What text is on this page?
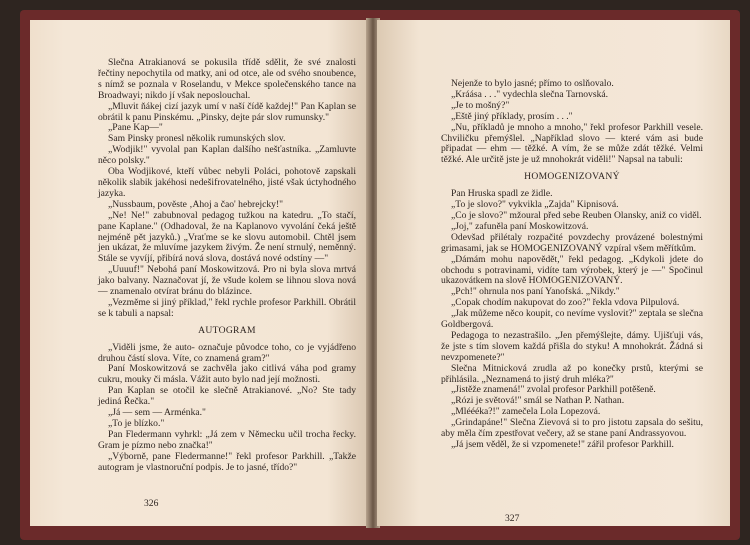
Slečna Atrakianová se pokusila třídě sdělit, že své znalosti řečtiny nepochytila od matky, ani od otce, ale od svého snoubence, s nímž se poznala v Roselandu, v Mekce společenského tance na Broadwayi; nikdo jí však neposlouchal.

„Mluvit ňákej cizí jazyk umí v naší čídě každej!" Pan Kaplan se obrátil k panu Pinskému. „Pinsky, dejte pár slov rumunsky."

„Pane Kap—"

Sam Pinsky pronesl několik rumunských slov.

„Wodjik!" vyvolal pan Kaplan dalšího nešťastníka. „Zamluvte něco polsky."

Oba Wodjikové, kteří vůbec nebyli Poláci, pohotově zapskali několik slabik jakéhosi nedešifrovatelného, jisté však úctyhodného jazyka.

„Nussbaum, povĕste ‚Ahoj a čao' hebrejcky!"

„Ne! Ne!" zabubnoval pedagog tužkou na katedru. „To stačí, pane Kaplane." (Odhadoval, že na Kaplanovo vyvolání čeká ještě nejméně pět jazyků.) „Vraťme se ke slovu automobil. Chtěl jsem jen ukázat, že mluvíme jazykem živým. Že není strnulý, neměnný. Stále se vyvíjí, přibírá nová slova, dostává nové odstíny —"

„Uuuuf!" Nebohá paní Moskowitzová. Pro ni byla slova mrtvá jako balvany. Naznačovat jí, že všude kolem se lihnou slova nová — znamenalo otvírat bránu do blázince.

„Vezměme si jiný příklad," řekl rychle profesor Parkhill. Obrátil se k tabuli a napsal:

AUTOGRAM

„Viděli jsme, že auto- označuje původce toho, co je vyjádřeno druhou částí slova. Víte, co znamená gram?"

Paní Moskowitzová se zachvěla jako citlivá váha pod gramy cukru, mouky či másla. Vážit auto bylo nad její možnosti.

Pan Kaplan se otočil ke slečně Atrakianové. „No? Ste tady jediná Řečka."

„Já — sem — Arménka."

„To je blízko."

Pan Fledermann vyhrkl: „Já zem v Německu učil trocha řecky. Gram je pízmo nebo značka!"

„Výborně, pane Fledermanne!" řekl profesor Parkhill. „Takže autogram je vlastnoruční podpis. Je to jasné, třído?"

326

Nejenže to bylo jasné; přímo to oslňovalo.

„Kráása . . ." vydechla slečna Tarnovská.

„Je to mošný?"

„Eště jiný příklady, prosím . . ."

„Nu, příkladů je mnoho a mnoho," řekl profesor Parkhill vesele. Chviličku přemýšlel. „Například slovo — které vám asi bude připadat — ehm — těžké. A vím, že se může zdát těžké. Velmi těžké. Ale určitě jste je už mnohokrát viděli!" Napsal na tabuli:

HOMOGENIZOVANÝ

Pan Hruska spadl ze židle.

„To je slovo?" vykvikla „Zajda" Kipnisová.

„Co je slovo?" mžoural před sebe Reuben Olansky, aniž co viděl.

„Joj," zafuněla paní Moskowitzová.

Odevšad přilétaly rozpačité povzdechy provázené bolestnými grimasami, jak se HOMOGENIZOVANÝ vzpíral všem měřítkům.

„Dámám mohu napovědět," řekl pedagog. „Kdykoli jdete do obchodu s potravinami, vidíte tam výrobek, který je —" Spočinul ukazovátkem na slově HOMOGENIZOVANÝ.

„Pch!" ohrnula nos paní Yanofská. „Nikdy."

„Copak chodím nakupovat do zoo?" řekla vdova Pilpulová.

„Jak můžeme něco koupit, co nevíme vyslovit?" zeptala se slečna Goldbergová.

Pedagoga to nezastrašilo. „Jen přemýšlejte, dámy. Ujišťuji vás, že jste s tím slovem každá přišla do styku! A mnohokrát. Žádná si nevzpomenete?"

Slečna Mitnicková zrudla až po konečky prstů, kterými se přihlásila. „Neznamená to jistý druh mléka?"

„Jistěže znamená!" zvolal profesor Parkhill potěšeně.

„Rózi je světová!" smál se Nathan P. Nathan.

„Mlééékа?!" zamečela Lola Lopezová.

„Grindapáne!" Slečna Zievová si to pro jistotu zapsala do sešitu, aby měla čím zpestřovat večery, až se stane paní Andrassyovou.

„Já jsem věděl, že si vzpomenete!" zářil profesor Parkhill.

327
